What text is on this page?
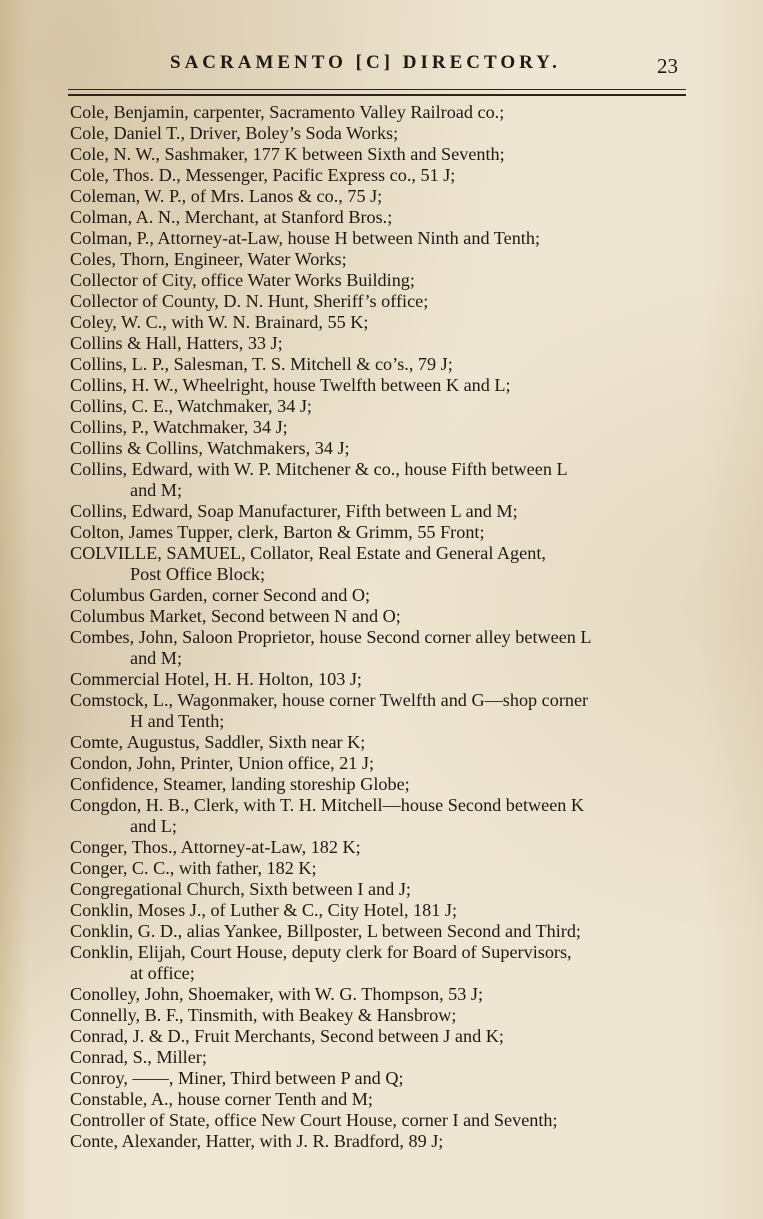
SACRAMENTO [C] DIRECTORY.	23
Cole, Benjamin, carpenter, Sacramento Valley Railroad co.;
Cole, Daniel T., Driver, Boley’s Soda Works;
Cole, N. W., Sashmaker, 177 K between Sixth and Seventh;
Cole, Thos. D., Messenger, Pacific Express co., 51 J;
Coleman, W. P., of Mrs. Lanos & co., 75 J;
Colman, A. N., Merchant, at Stanford Bros.;
Colman, P., Attorney-at-Law, house H between Ninth and Tenth;
Coles, Thorn, Engineer, Water Works;
Collector of City, office Water Works Building;
Collector of County, D. N. Hunt, Sheriff’s office;
Coley, W. C., with W. N. Brainard, 55 K;
Collins & Hall, Hatters, 33 J;
Collins, L. P., Salesman, T. S. Mitchell & co’s., 79 J;
Collins, H. W., Wheelright, house Twelfth between K and L;
Collins, C. E., Watchmaker, 34 J;
Collins, P., Watchmaker, 34 J;
Collins & Collins, Watchmakers, 34 J;
Collins, Edward, with W. P. Mitchener & co., house Fifth between L
and M;
Collins, Edward, Soap Manufacturer, Fifth between L and M;
Colton, James Tupper, clerk, Barton & Grimm, 55 Front;
COLVILLE, SAMUEL, Collator, Real Estate and General Agent,
Post Office Block;
Columbus Garden, corner Second and O;
Columbus Market, Second between N and O;
Combes, John, Saloon Proprietor, house Second corner alley between L
and M;
Commercial Hotel, H. H. Holton, 103 J;
Comstock, L., Wagonmaker, house corner Twelfth and G—shop corner
H and Tenth;
Comte, Augustus, Saddler, Sixth near K;
Condon, John, Printer, Union office, 21 J;
Confidence, Steamer, landing storeship Globe;
Congdon, H. B., Clerk, with T. H. Mitchell—house Second between K
and L;
Conger, Thos., Attorney-at-Law, 182 K;
Conger, C. C., with father, 182 K;
Congregational Church, Sixth between I and J;
Conklin, Moses J., of Luther & C., City Hotel, 181 J;
Conklin, G. D., alias Yankee, Billposter, L between Second and Third;
Conklin, Elijah, Court House, deputy clerk for Board of Supervisors,
at office;
Conolley, John, Shoemaker, with W. G. Thompson, 53 J;
Connelly, B. F., Tinsmith, with Beakey & Hansbrow;
Conrad, J. & D., Fruit Merchants, Second between J and K;
Conrad, S., Miller;
Conroy, ——, Miner, Third between P and Q;
Constable, A., house corner Tenth and M;
Controller of State, office New Court House, corner I and Seventh;
Conte, Alexander, Hatter, with J. R. Bradford, 89 J;
